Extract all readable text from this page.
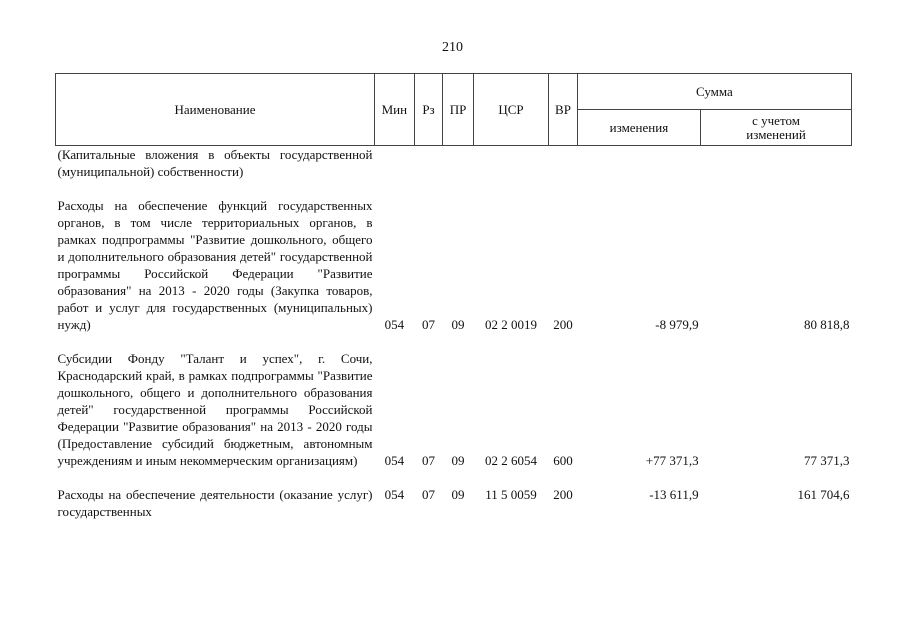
210
Наименование	Мин	Рз	ПР	ЦСР	ВР	Сумма	
						изменения	с учетом
изменений

(Капитальные вложения в объекты государственной (муниципальной) собственности)							

Расходы на обеспечение функций государственных органов, в том числе территориальных органов, в рамках подпрограммы "Развитие дошкольного, общего и дополнительного образования детей" государственной программы Российской Федерации "Развитие образования" на 2013 - 2020 годы (Закупка товаров, работ и услуг для государственных (муниципальных) нужд)	054	07	09	02 2 0019	200	-8 979,9	80 818,8

Субсидии Фонду "Талант и успех", г. Сочи, Краснодарский край, в рамках подпрограммы "Развитие дошкольного, общего и дополнительного образования детей" государственной программы Российской Федерации "Развитие образования" на 2013 - 2020 годы (Предоставление субсидий бюджетным, автономным учреждениям и иным некоммерческим организациям)	054	07	09	02 2 6054	600	+77 371,3	77 371,3

Расходы на обеспечение деятельности (оказание услуг) государственных	054	07	09	11 5 0059	200	-13 611,9	161 704,6
